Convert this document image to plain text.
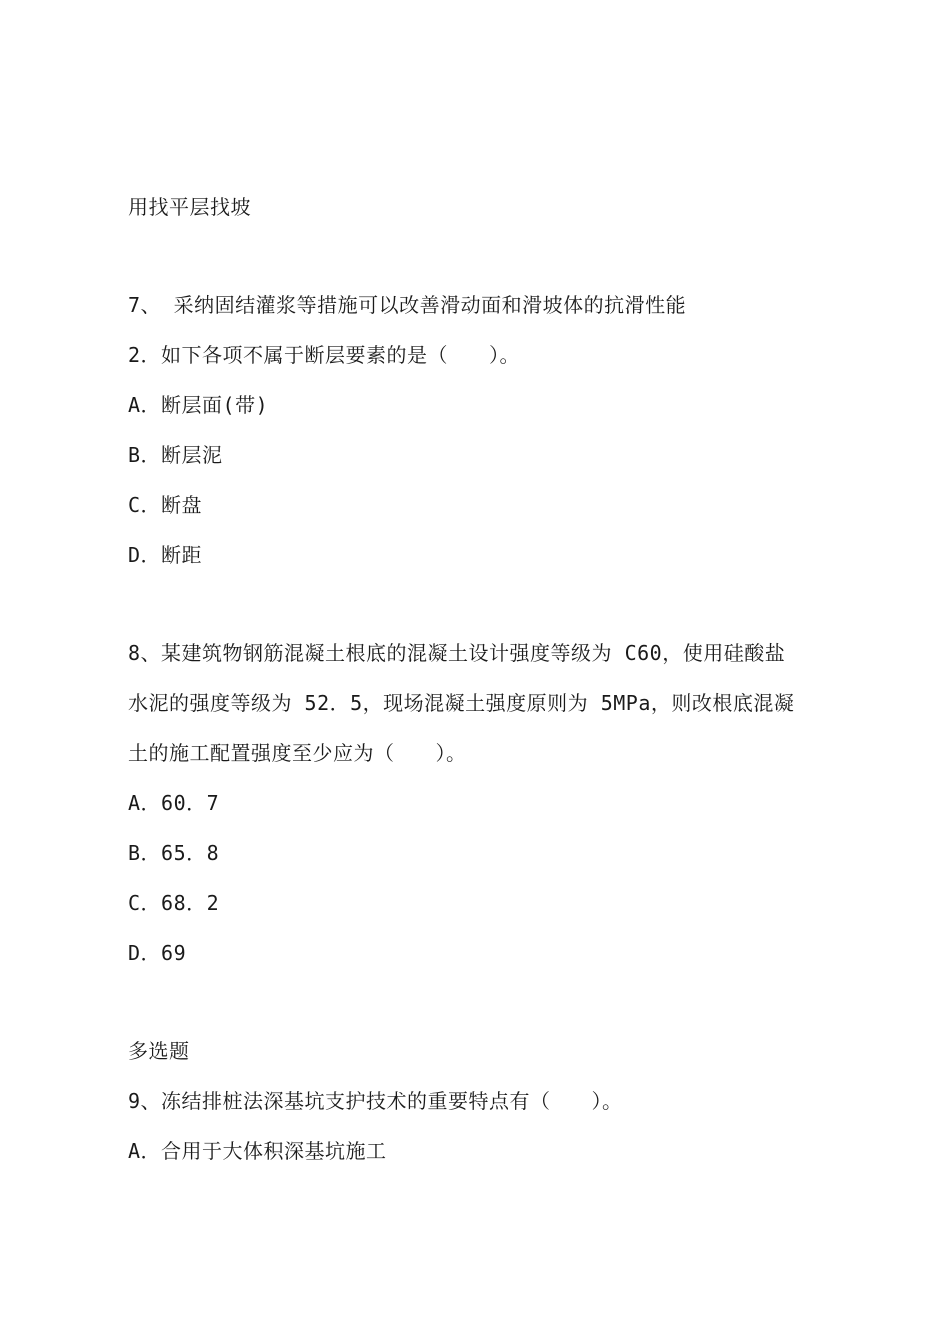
用找平层找坡
7、 采纳固结灌浆等措施可以改善滑动面和滑坡体的抗滑性能
2．如下各项不属于断层要素的是（　　）。
A．断层面(带)
B．断层泥
C．断盘
D．断距
8、某建筑物钢筋混凝土根底的混凝土设计强度等级为 C60，使用硅酸盐
水泥的强度等级为 52．5，现场混凝土强度原则为 5MPa，则改根底混凝
土的施工配置强度至少应为（　　）。
A．60．7
B．65．8
C．68．2
D．69
多选题
9、冻结排桩法深基坑支护技术的重要特点有（　　）。
A．合用于大体积深基坑施工
